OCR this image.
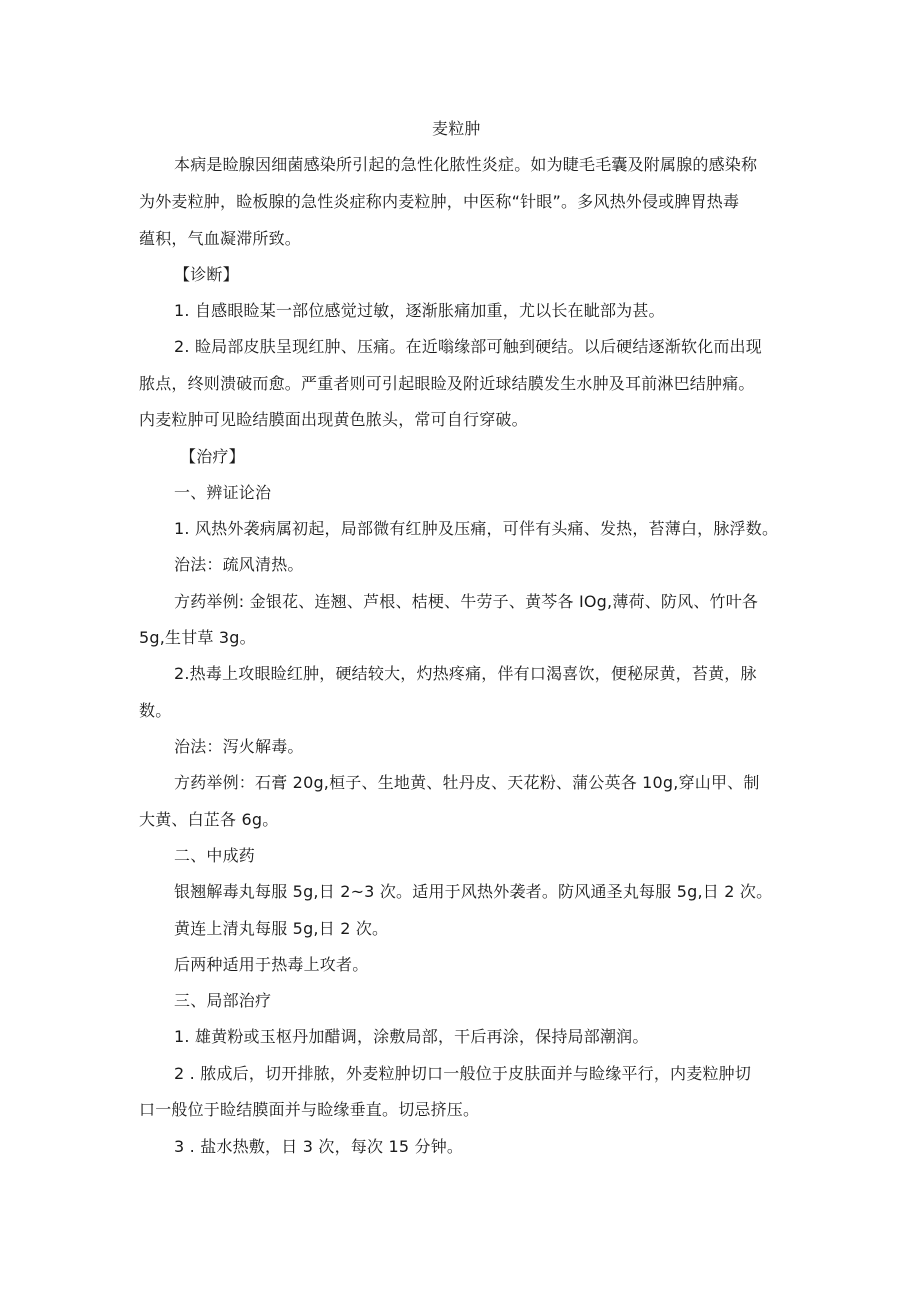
麦粒肿

本病是睑腺因细菌感染所引起的急性化脓性炎症。如为睫毛毛囊及附属腺的感染称

为外麦粒肿，睑板腺的急性炎症称内麦粒肿，中医称“针眼”。多风热外侵或脾胃热毒

蕴积，气血凝滞所致。

【诊断】

1. 自感眼睑某一部位感觉过敏，逐渐胀痛加重，尤以长在眦部为甚。

2. 睑局部皮肤呈现红肿、压痛。在近嗡缘部可触到硬结。以后硬结逐渐软化而出现

脓点，终则溃破而愈。严重者则可引起眼睑及附近球结膜发生水肿及耳前淋巴结肿痛。

内麦粒肿可见睑结膜面出现黄色脓头，常可自行穿破。

【治疗】

一、辨证论治

1. 风热外袭病属初起，局部微有红肿及压痛，可伴有头痛、发热，苔薄白，脉浮数。

治法：疏风清热。

方药举例: 金银花、连翘、芦根、桔梗、牛劳子、黄芩各 IOg,薄荷、防风、竹叶各

5g,生甘草 3g。

2.热毒上攻眼睑红肿，硬结较大，灼热疼痛，伴有口渴喜饮，便秘尿黄，苔黄，脉

数。

治法：泻火解毒。

方药举例：石膏 20g,桓子、生地黄、牡丹皮、天花粉、蒲公英各 10g,穿山甲、制

大黄、白芷各 6g。

二、中成药

银翘解毒丸每服 5g,日 2~3 次。适用于风热外袭者。防风通圣丸每服 5g,日 2 次。

黄连上清丸每服 5g,日 2 次。

后两种适用于热毒上攻者。

三、局部治疗

1. 雄黄粉或玉枢丹加醋调，涂敷局部，干后再涂，保持局部潮润。

2 . 脓成后，切开排脓，外麦粒肿切口一般位于皮肤面并与睑缘平行，内麦粒肿切

口一般位于睑结膜面并与睑缘垂直。切忌挤压。

3 . 盐水热敷，日 3 次，每次 15 分钟。
